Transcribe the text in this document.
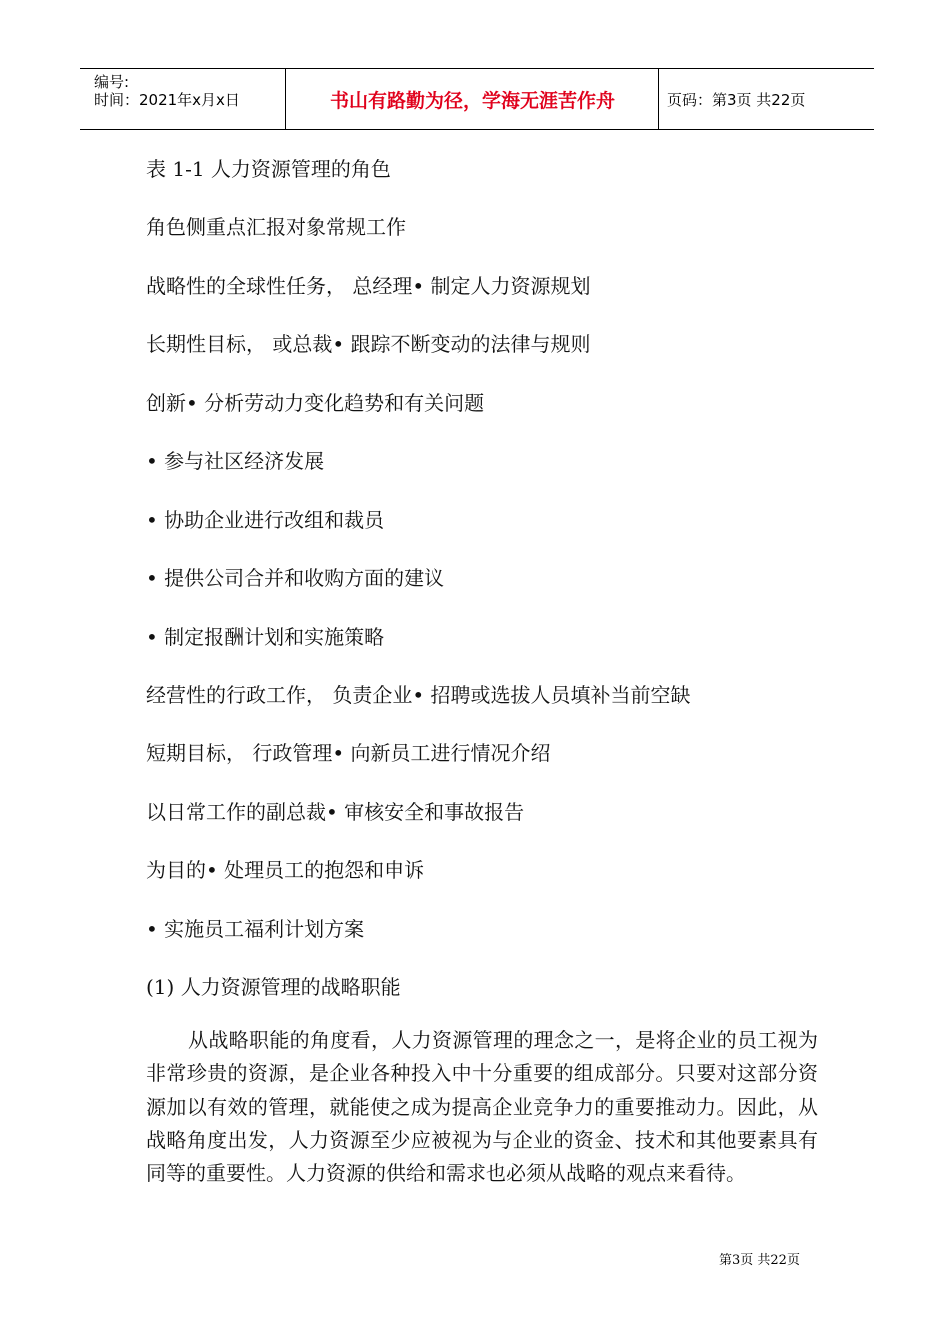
编号:
时间：2021年x月x日	书山有路勤为径，学海无涯苦作舟	页码：第3页 共22页
表 1-1 人力资源管理的角色
角色侧重点汇报对象常规工作
战略性的全球性任务， 总经理• 制定人力资源规划
长期性目标， 或总裁• 跟踪不断变动的法律与规则
创新• 分析劳动力变化趋势和有关问题
• 参与社区经济发展
• 协助企业进行改组和裁员
• 提供公司合并和收购方面的建议
• 制定报酬计划和实施策略
经营性的行政工作， 负责企业• 招聘或选拔人员填补当前空缺
短期目标， 行政管理• 向新员工进行情况介绍
以日常工作的副总裁• 审核安全和事故报告
为目的• 处理员工的抱怨和申诉
• 实施员工福利计划方案
(1) 人力资源管理的战略职能
从战略职能的角度看，人力资源管理的理念之一，是将企业的员工视为非常珍贵的资源，是企业各种投入中十分重要的组成部分。只要对这部分资源加以有效的管理，就能使之成为提高企业竞争力的重要推动力。因此，从战略角度出发，人力资源至少应被视为与企业的资金、技术和其他要素具有同等的重要性。人力资源的供给和需求也必须从战略的观点来看待。
第3页 共22页
